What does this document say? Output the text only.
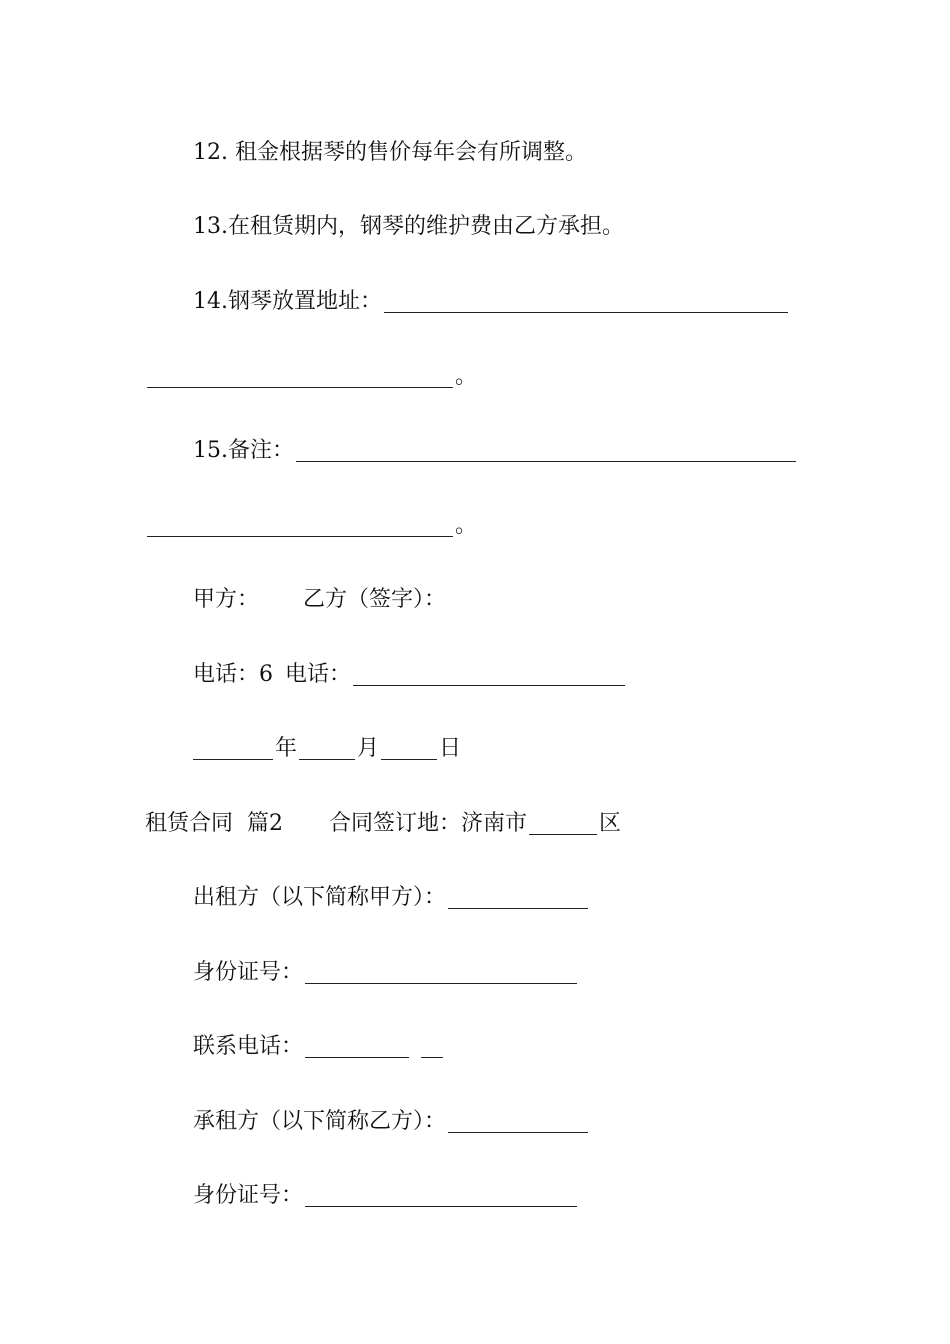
12. 租金根据琴的售价每年会有所调整。
13.在租赁期内，钢琴的维护费由乙方承担。
14.钢琴放置地址：
。
15.备注：
。
甲方： 乙方（签字）：
电话：6 电话：
年	月	日
租赁合同 篇2 合同签订地：济南市	区
出租方（以下简称甲方）：
身份证号：
联系电话：
承租方（以下简称乙方）：
身份证号：
